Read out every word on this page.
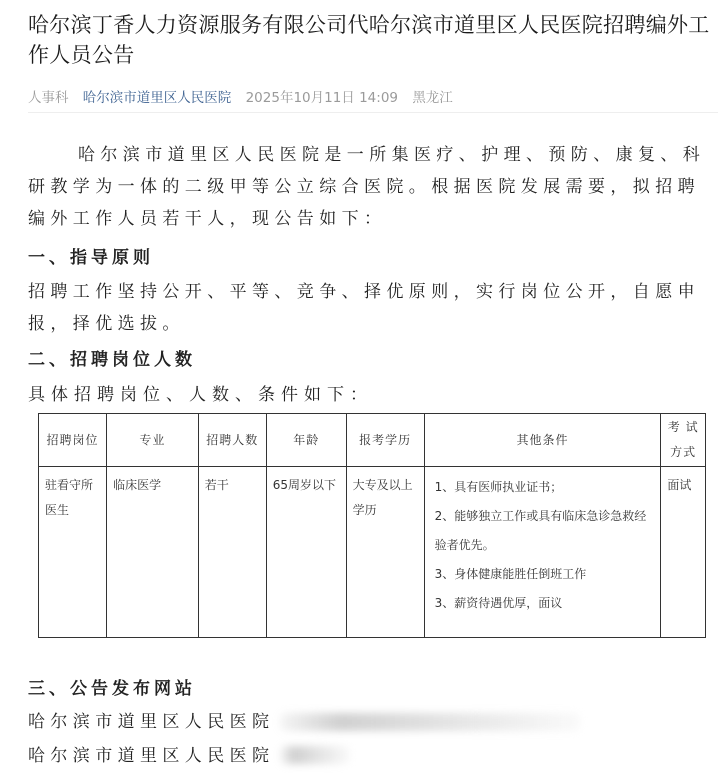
哈尔滨丁香人力资源服务有限公司代哈尔滨市道里区人民医院招聘编外工作人员公告
人事科 哈尔滨市道里区人民医院 2025年10月11日 14:09 黑龙江

哈尔滨市道里区人民医院是一所集医疗、护理、预防、康复、科研教学为一体的二级甲等公立综合医院。根据医院发展需要，拟招聘编外工作人员若干人，现公告如下：

一、指导原则

招聘工作坚持公开、平等、竞争、择优原则，实行岗位公开，自愿申报，择优选拔。

二、招聘岗位人数

具体招聘岗位、人数、条件如下：

招聘岗位	专业	招聘人数	年龄	报考学历	其他条件	考 试方式
驻看守所医生	临床医学	若干	65周岁以下	大专及以上学历	1、具有医师执业证书；
2、能够独立工作或具有临床急诊急救经验者优先。
3、身体健康能胜任倒班工作
3、薪资待遇优厚，面议	面试

三、公告发布网站

哈尔滨市道里区人民医院

哈尔滨市道里区人民医院
